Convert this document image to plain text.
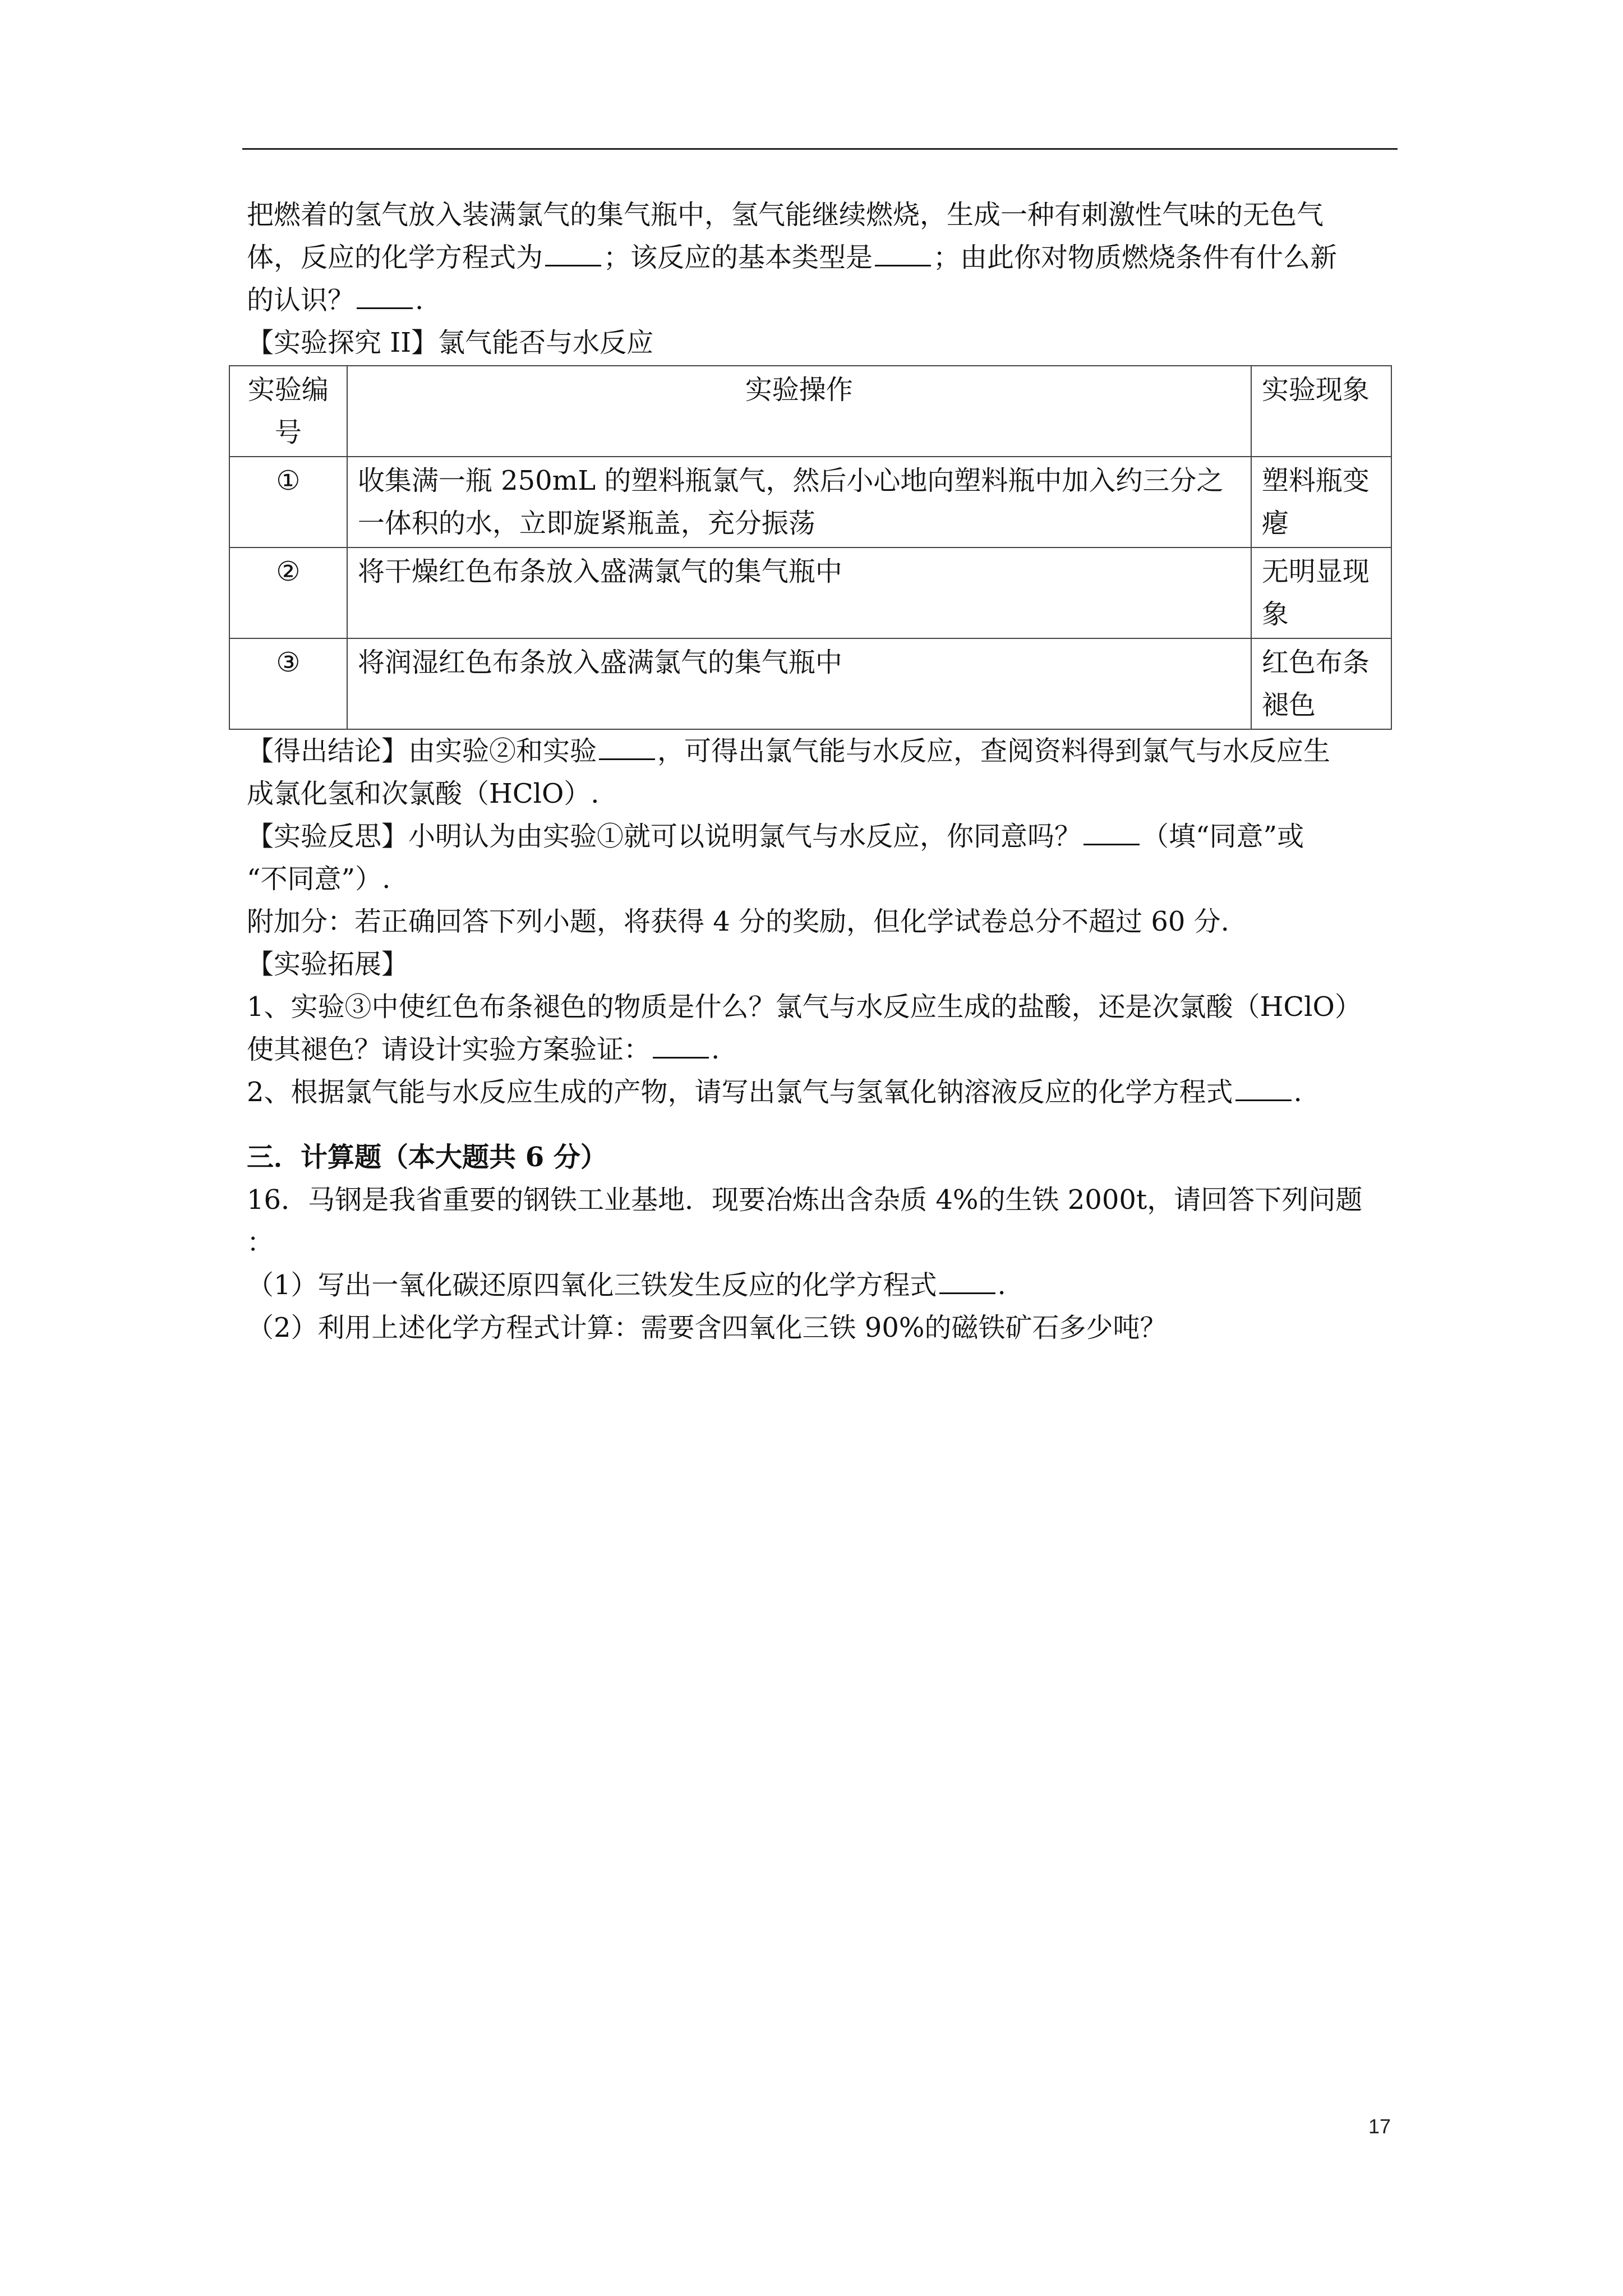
把燃着的氢气放入装满氯气的集气瓶中，氢气能继续燃烧，生成一种有刺激性气味的无色气
体，反应的化学方程式为 ；该反应的基本类型是 ；由此你对物质燃烧条件有什么新
的认识？ .

【实验探究 II】氯气能否与水反应

实验编号	实验操作	实验现象
①	收集满一瓶 250mL 的塑料瓶氯气，然后小心地向塑料瓶中加入约三分之一体积的水，立即旋紧瓶盖，充分振荡	塑料瓶变瘪
②	将干燥红色布条放入盛满氯气的集气瓶中	无明显现象
③	将润湿红色布条放入盛满氯气的集气瓶中	红色布条褪色

【得出结论】由实验②和实验 ，可得出氯气能与水反应，查阅资料得到氯气与水反应生
成氯化氢和次氯酸（HClO）.

【实验反思】小明认为由实验①就可以说明氯气与水反应，你同意吗？ （填“同意”或
“不同意”）.

附加分：若正确回答下列小题，将获得 4 分的奖励，但化学试卷总分不超过 60 分.

【实验拓展】

1、实验③中使红色布条褪色的物质是什么？氯气与水反应生成的盐酸，还是次氯酸（HClO）
使其褪色？请设计实验方案验证： .

2、根据氯气能与水反应生成的产物，请写出氯气与氢氧化钠溶液反应的化学方程式 .

三．计算题（本大题共 6 分）

16．马钢是我省重要的钢铁工业基地．现要冶炼出含杂质 4%的生铁 2000t，请回答下列问题
：

（1）写出一氧化碳还原四氧化三铁发生反应的化学方程式 .

（2）利用上述化学方程式计算：需要含四氧化三铁 90%的磁铁矿石多少吨？

17
